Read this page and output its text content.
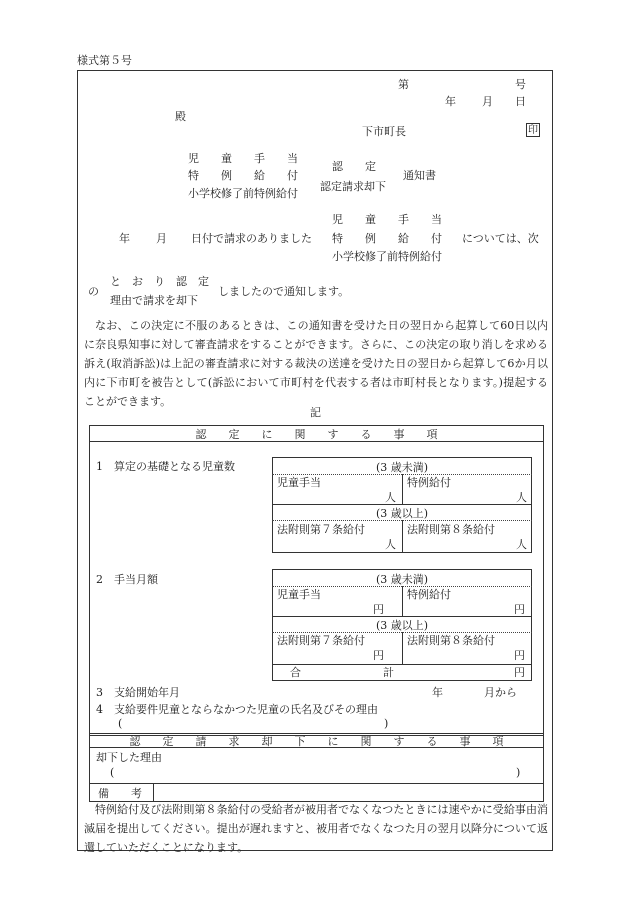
様式第５号
第	号
年 月 日
殿
下市町長	印
児　　童　　手　　当
特　　例　　給　　付
小学校修了前特例給付
認　　定
認定請求却下
通知書
年 月 日付で請求のありました
児　　童　　手　　当
特　　例　　給　　付
小学校修了前特例給付
については、次
の
と　お　り　認　定
理由で請求を却下
しましたので通知します。
なお、この決定に不服のあるときは、この通知書を受けた日の翌日から起算して60日以内に奈良県知事に対して審査請求をすることができます。さらに、この決定の取り消しを求める訴え(取消訴訟)は上記の審査請求に対する裁決の送達を受けた日の翌日から起算して6か月以内に下市町を被告として(訴訟において市町村を代表する者は市町村長となります。)提起することができます。
記
認　　定　　に　　関　　す　　る　　事　　項
1　算定の基礎となる児童数	(3 歳未満)
児童手当	特例給付
人	人
(3 歳以上)
法附則第７条給付	法附則第８条給付
人	人
2　手当月額	(3 歳未満)
児童手当	特例給付
円	円
(3 歳以上)
法附則第７条給付	法附則第８条給付
円	円
合	計	円
3　支給開始年月	年	月から
4　支給要件児童とならなかつた児童の氏名及びその理由
(	)
認　　定　　請　　求　　却　　下　　に　　関　　す　　る　　事　　項
却下した理由
(	)
備　　考
特例給付及び法附則第８条給付の受給者が被用者でなくなつたときには速やかに受給事由消滅届を提出してください。提出が遅れますと、被用者でなくなつた月の翌月以降分について返還していただくことになります。
